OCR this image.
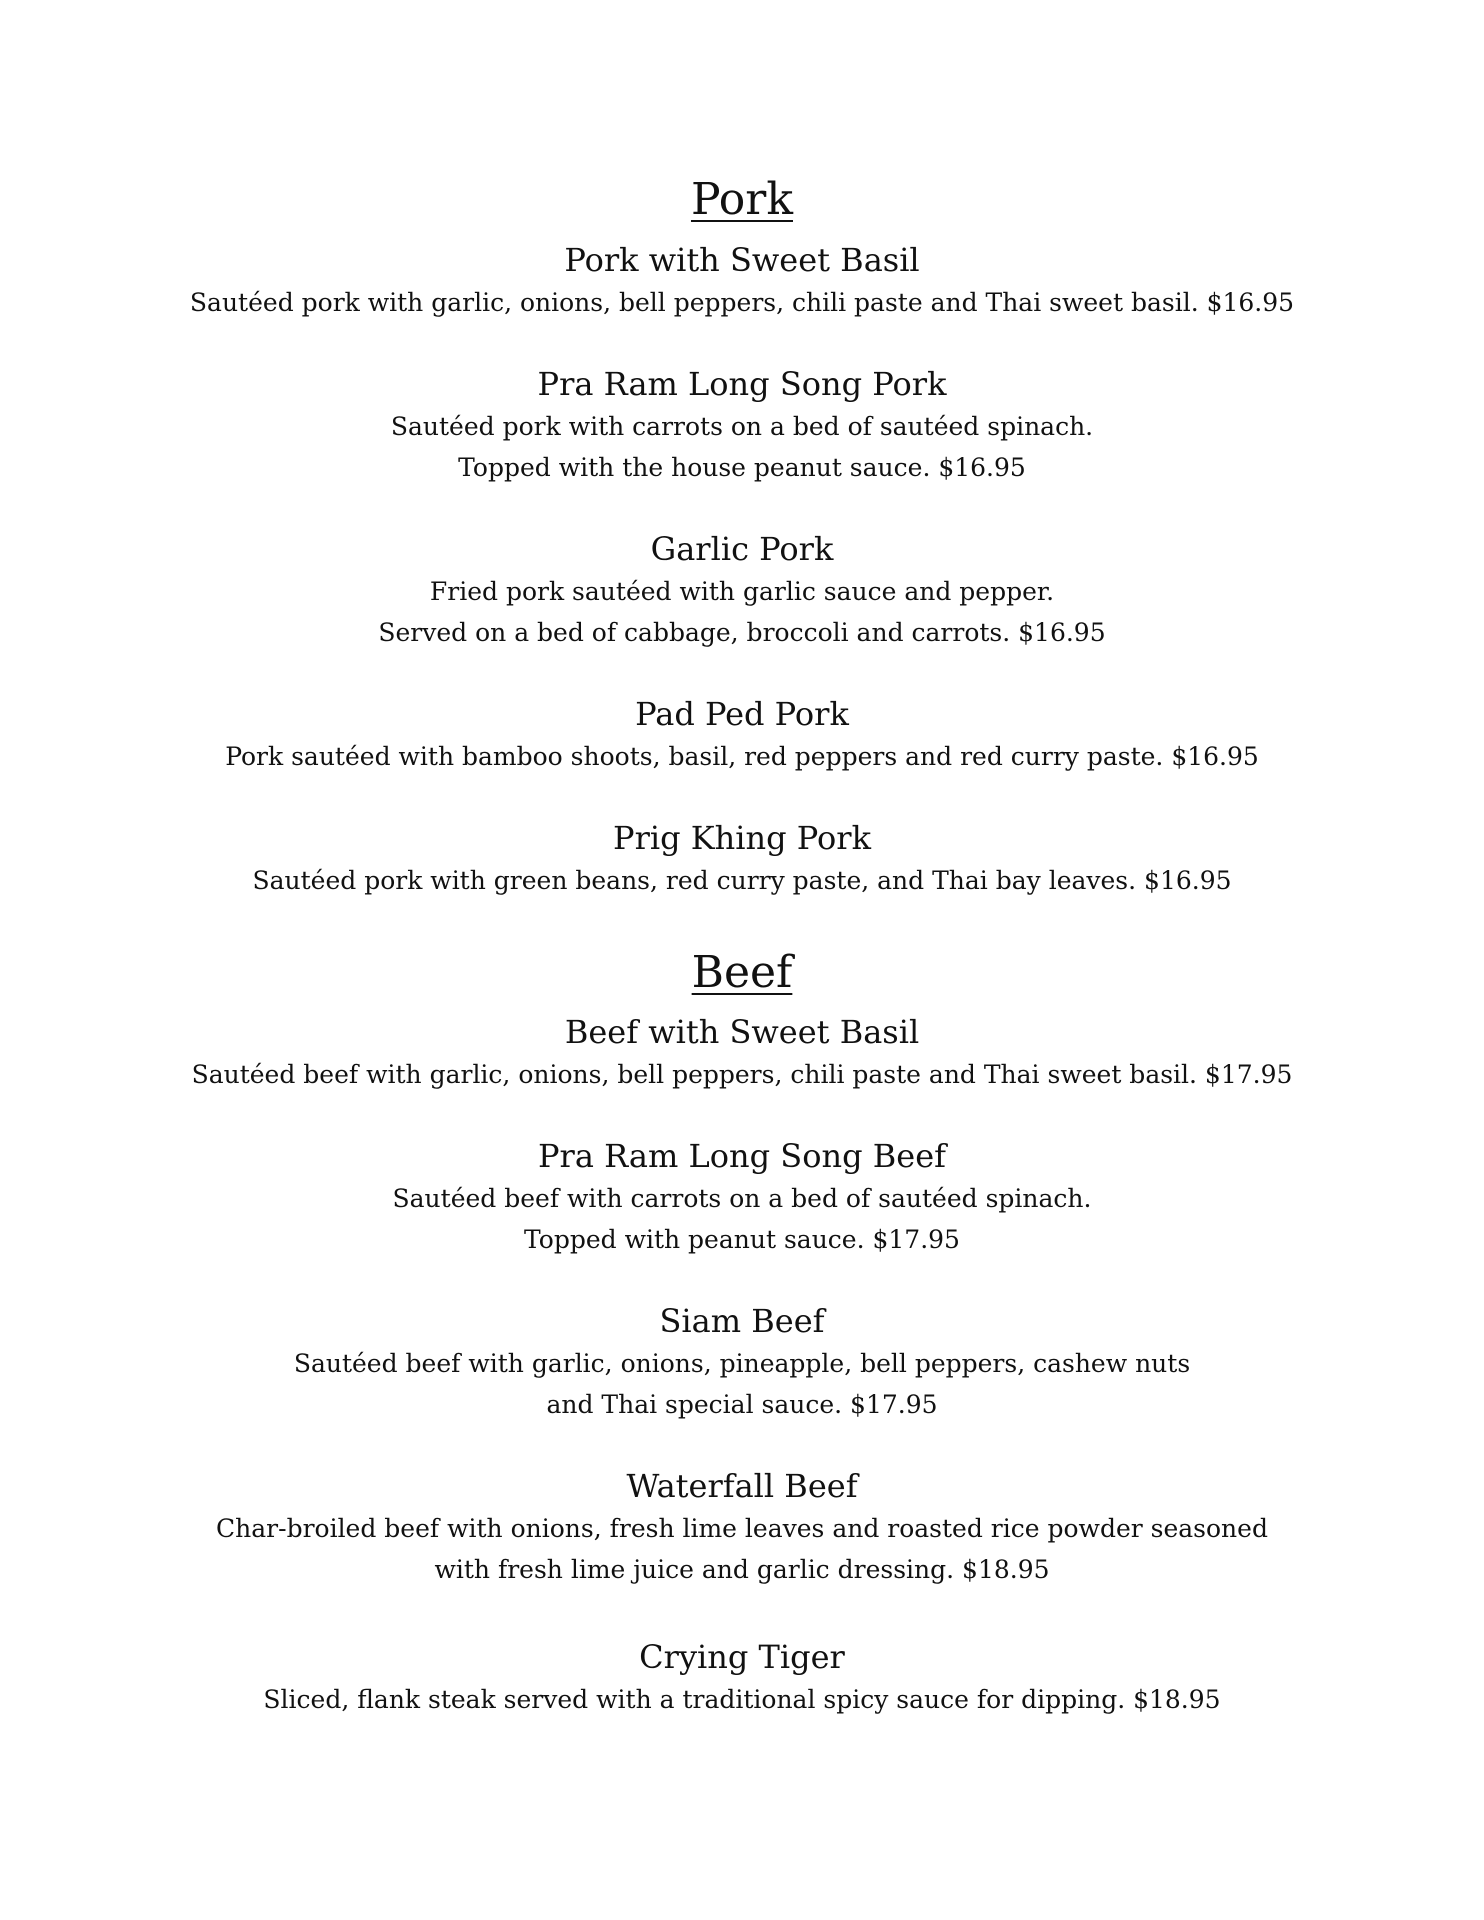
Pork

Pork with Sweet Basil

Sautéed pork with garlic, onions, bell peppers, chili paste and Thai sweet basil. $16.95

Pra Ram Long Song Pork

Sautéed pork with carrots on a bed of sautéed spinach.

Topped with the house peanut sauce. $16.95

Garlic Pork

Fried pork sautéed with garlic sauce and pepper.

Served on a bed of cabbage, broccoli and carrots. $16.95

Pad Ped Pork

Pork sautéed with bamboo shoots, basil, red peppers and red curry paste. $16.95

Prig Khing Pork

Sautéed pork with green beans, red curry paste, and Thai bay leaves. $16.95

Beef

Beef with Sweet Basil

Sautéed beef with garlic, onions, bell peppers, chili paste and Thai sweet basil. $17.95

Pra Ram Long Song Beef

Sautéed beef with carrots on a bed of sautéed spinach.

Topped with peanut sauce. $17.95

Siam Beef

Sautéed beef with garlic, onions, pineapple, bell peppers, cashew nuts

and Thai special sauce. $17.95

Waterfall Beef

Char-broiled beef with onions, fresh lime leaves and roasted rice powder seasoned

with fresh lime juice and garlic dressing. $18.95

Crying Tiger

Sliced, flank steak served with a traditional spicy sauce for dipping. $18.95
